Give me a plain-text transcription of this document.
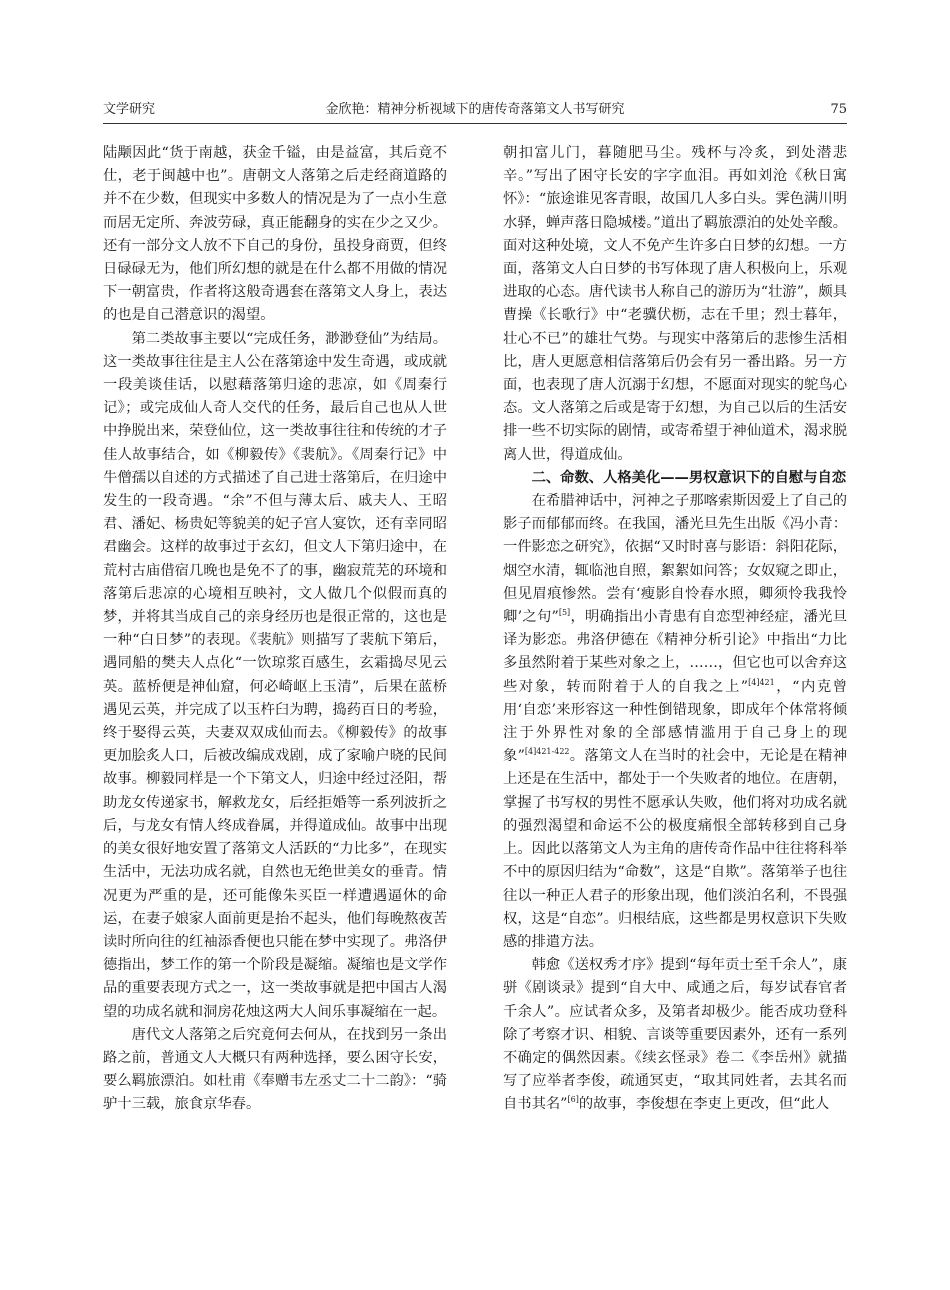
文学研究	金欣艳：精神分析视域下的唐传奇落第文人书写研究	75

陆颙因此“货于南越，获金千镒，由是益富，其后竟不仕，老于闽越中也”。唐朝文人落第之后走经商道路的并不在少数，但现实中多数人的情况是为了一点小生意而居无定所、奔波劳碌，真正能翻身的实在少之又少。还有一部分文人放不下自己的身份，虽投身商贾，但终日碌碌无为，他们所幻想的就是在什么都不用做的情况下一朝富贵，作者将这般奇遇套在落第文人身上，表达的也是自己潜意识的渴望。

第二类故事主要以“完成任务，渺渺登仙”为结局。这一类故事往往是主人公在落第途中发生奇遇，或成就一段美谈佳话，以慰藉落第归途的悲凉，如《周秦行记》；或完成仙人奇人交代的任务，最后自己也从人世中挣脱出来，荣登仙位，这一类故事往往和传统的才子佳人故事结合，如《柳毅传》《裴航》。《周秦行记》中牛僧孺以自述的方式描述了自己进士落第后，在归途中发生的一段奇遇。“余”不但与薄太后、戚夫人、王昭君、潘妃、杨贵妃等貌美的妃子宫人宴饮，还有幸同昭君幽会。这样的故事过于玄幻，但文人下第归途中，在荒村古庙借宿几晚也是免不了的事，幽寂荒芜的环境和落第后悲凉的心境相互映衬，文人做几个似假而真的梦，并将其当成自己的亲身经历也是很正常的，这也是一种“白日梦”的表现。《裴航》则描写了裴航下第后，遇同船的樊夫人点化“一饮琼浆百感生，玄霜捣尽见云英。蓝桥便是神仙窟，何必崎岖上玉清”，后果在蓝桥遇见云英，并完成了以玉杵臼为聘，捣药百日的考验，终于娶得云英，夫妻双双成仙而去。《柳毅传》的故事更加脍炙人口，后被改编成戏剧，成了家喻户晓的民间故事。柳毅同样是一个下第文人，归途中经过泾阳，帮助龙女传递家书，解救龙女，后经拒婚等一系列波折之后，与龙女有情人终成眷属，并得道成仙。故事中出现的美女很好地安置了落第文人活跃的“力比多”，在现实生活中，无法功成名就，自然也无绝世美女的垂青。情况更为严重的是，还可能像朱买臣一样遭遇逼休的命运，在妻子娘家人面前更是抬不起头，他们每晚熬夜苦读时所向往的红袖添香便也只能在梦中实现了。弗洛伊德指出，梦工作的第一个阶段是凝缩。凝缩也是文学作品的重要表现方式之一，这一类故事就是把中国古人渴望的功成名就和洞房花烛这两大人间乐事凝缩在一起。

唐代文人落第之后究竟何去何从，在找到另一条出路之前，普通文人大概只有两种选择，要么困守长安，要么羁旅漂泊。如杜甫《奉赠韦左丞丈二十二韵》：“骑驴十三载，旅食京华春。

朝扣富儿门，暮随肥马尘。残杯与冷炙，到处潜悲辛。”写出了困守长安的字字血泪。再如刘沧《秋日寓怀》：“旅途谁见客青眼，故国几人多白头。霁色满川明水驿，蝉声落日隐城楼。”道出了羁旅漂泊的处处辛酸。面对这种处境，文人不免产生许多白日梦的幻想。一方面，落第文人白日梦的书写体现了唐人积极向上，乐观进取的心态。唐代读书人称自己的游历为“壮游”，颇具曹操《长歌行》中“老骥伏枥，志在千里；烈士暮年，壮心不已”的雄壮气势。与现实中落第后的悲惨生活相比，唐人更愿意相信落第后仍会有另一番出路。另一方面，也表现了唐人沉溺于幻想，不愿面对现实的鸵鸟心态。文人落第之后或是寄于幻想，为自己以后的生活安排一些不切实际的剧情，或寄希望于神仙道术，渴求脱离人世，得道成仙。

二、命数、人格美化——男权意识下的自慰与自恋

在希腊神话中，河神之子那喀索斯因爱上了自己的影子而郁郁而终。在我国，潘光旦先生出版《冯小青：一件影恋之研究》，依据“又时时喜与影语：斜阳花际，烟空水清，辄临池自照，絮絮如问答；女奴窥之即止，但见眉痕惨然。尝有‘瘦影自怜春水照，卿须怜我我怜卿’之句”[5]，明确指出小青患有自恋型神经症，潘光旦译为影恋。弗洛伊德在《精神分析引论》中指出“力比多虽然附着于某些对象之上，……，但它也可以舍弃这些对象，转而附着于人的自我之上”$^{[4]421}$，“内克曾用‘自恋’来形容这一种性倒错现象，即成年个体常将倾注于外界性对象的全部感情滥用于自己身上的现象”$^{[4]421-422}$。落第文人在当时的社会中，无论是在精神上还是在生活中，都处于一个失败者的地位。在唐朝，掌握了书写权的男性不愿承认失败，他们将对功成名就的强烈渴望和命运不公的极度痛恨全部转移到自己身上。因此以落第文人为主角的唐传奇作品中往往将科举不中的原因归结为“命数”，这是“自欺”。落第举子也往往以一种正人君子的形象出现，他们淡泊名利，不畏强权，这是“自恋”。归根结底，这些都是男权意识下失败感的排遣方法。

韩愈《送权秀才序》提到“每年贡士至千余人”，康骈《剧谈录》提到“自大中、咸通之后，每岁试春官者千余人”。应试者众多，及第者却极少。能否成功登科除了考察才识、相貌、言谈等重要因素外，还有一系列不确定的偶然因素。《续玄怪录》卷二《李岳州》就描写了应举者李俊，疏通冥吏，“取其同姓者，去其名而自书其名”[6]的故事，李俊想在李吏上更改，但“此人
